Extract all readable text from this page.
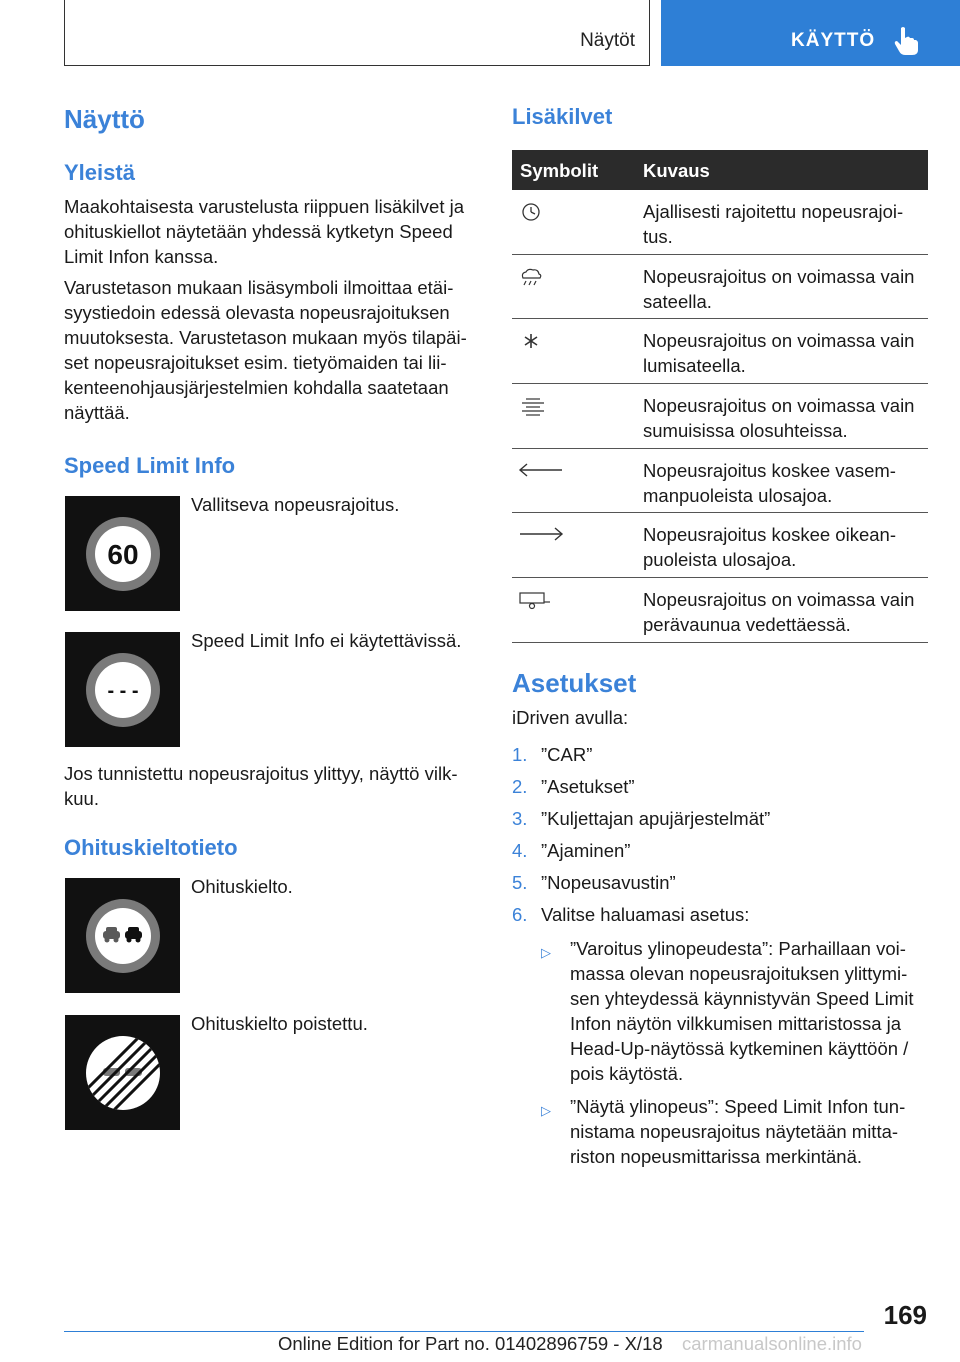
Näytöt	KÄYTTÖ
Näyttö
Yleistä
Maakohtaisesta varustelusta riippuen lisäkilvet ja
ohituskiellot näytetään yhdessä kytketyn Speed
Limit Infon kanssa.
Varustetason mukaan lisäsymboli ilmoittaa etäi-
syystiedoin edessä olevasta nopeusrajoituksen
muutoksesta. Varustetason mukaan myös tilapäi-
set nopeusrajoitukset esim. tietyömaiden tai lii-
kenteenohjausjärjestelmien kohdalla saatetaan
näyttää.
Speed Limit Info
60
Vallitseva nopeusrajoitus.
- - -
Speed Limit Info ei käytettävissä.
Jos tunnistettu nopeusrajoitus ylittyy, näyttö vilk-
kuu.
Ohituskieltotieto
Ohituskielto.
Ohituskielto poistettu.
Lisäkilvet
Symbolit Kuvaus
Ajallisesti rajoitettu nopeusrajoi-
tus.
Nopeusrajoitus on voimassa vain
sateella.
Nopeusrajoitus on voimassa vain
lumisateella.
Nopeusrajoitus on voimassa vain
sumuisissa olosuhteissa.
Nopeusrajoitus koskee vasem-
manpuoleista ulosajoa.
Nopeusrajoitus koskee oikean-
puoleista ulosajoa.
Nopeusrajoitus on voimassa vain
perävaunua vedettäessä.
Asetukset
iDriven avulla:
1. ”CAR”
2. ”Asetukset”
3. ”Kuljettajan apujärjestelmät”
4. ”Ajaminen”
5. ”Nopeusavustin”
6. Valitse haluamasi asetus:
▷ ”Varoitus ylinopeudesta”: Parhaillaan voi-
massa olevan nopeusrajoituksen ylittymi-
sen yhteydessä käynnistyvän Speed Limit
Infon näytön vilkkumisen mittaristossa ja
Head-Up-näytössä kytkeminen käyttöön /
pois käytöstä.
▷ ”Näytä ylinopeus”: Speed Limit Infon tun-
nistama nopeusrajoitus näytetään mitta-
riston nopeusmittarissa merkintänä.
169
Online Edition for Part no. 01402896759 - X/18 carmanualsonline.info
